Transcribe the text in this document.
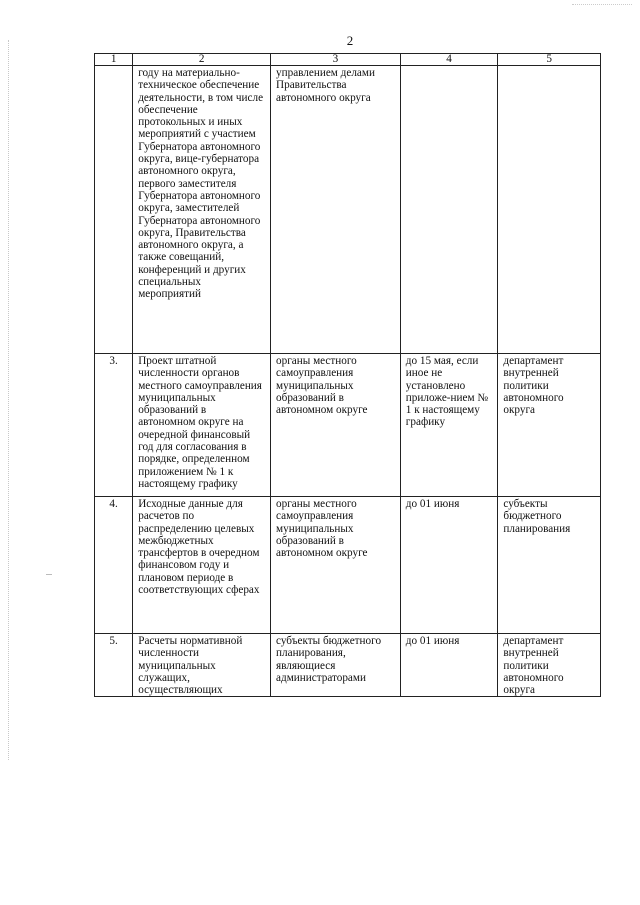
2
1	2	3	4	5
	году на материально-техническое обеспечение деятельности, в том числе обеспечение протокольных и иных мероприятий с участием Губернатора автономного округа, вице-губернатора автономного округа, первого заместителя Губернатора автономного округа, заместителей Губернатора автономного округа, Правительства автономного округа, а также совещаний, конференций и других специальных мероприятий	управлением делами Правительства автономного округа		
3.	Проект штатной численности органов местного самоуправления муниципальных образований в автономном округе на очередной финансовый год для согласования в порядке, определенном приложением № 1 к настоящему графику	органы местного самоуправления муниципальных образований в автономном округе	до 15 мая, если иное не установлено приложе-нием № 1 к настоящему графику	департамент внутренней политики автономного округа
4.	Исходные данные для расчетов по распределению целевых межбюджетных трансфертов в очередном финансовом году и плановом периоде в соответствующих сферах	органы местного самоуправления муниципальных образований в автономном округе	до 01 июня	субъекты бюджетного планирования
5.	Расчеты нормативной численности муниципальных служащих, осуществляющих	субъекты бюджетного планирования, являющиеся администраторами	до 01 июня	департамент внутренней политики автономного округа
